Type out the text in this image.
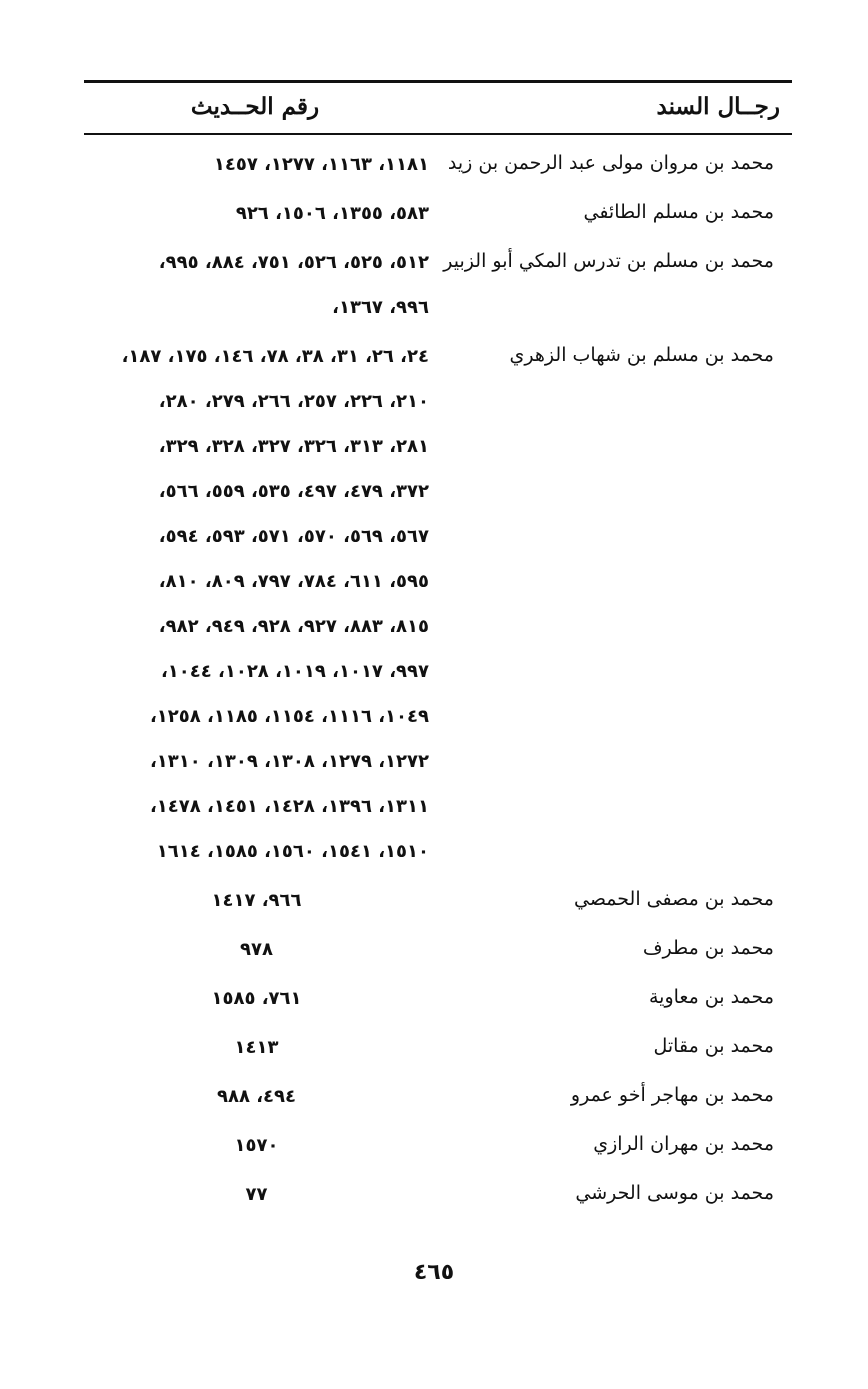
رجــال السند
رقم الحــديث
محمد بن مروان مولى عبد الرحمن بن زيد
١١٨١، ١١٦٣، ١٢٧٧، ١٤٥٧
محمد بن مسلم الطائفي
٥٨٣، ١٣٥٥، ١٥٠٦، ٩٢٦
محمد بن مسلم بن تدرس المكي أبو الزبير
٥١٢، ٥٢٥، ٥٢٦، ٧٥١، ٨٨٤، ٩٩٥،
٩٩٦، ١٣٦٧،
محمد بن مسلم بن شهاب الزهري
٢٤، ٢٦، ٣١، ٣٨، ٧٨، ١٤٦، ١٧٥، ١٨٧،
٢١٠، ٢٢٦، ٢٥٧، ٢٦٦، ٢٧٩، ٢٨٠،
٢٨١، ٣١٣، ٣٢٦، ٣٢٧، ٣٢٨، ٣٢٩،
٣٧٢، ٤٧٩، ٤٩٧، ٥٣٥، ٥٥٩، ٥٦٦،
٥٦٧، ٥٦٩، ٥٧٠، ٥٧١، ٥٩٣، ٥٩٤،
٥٩٥، ٦١١، ٧٨٤، ٧٩٧، ٨٠٩، ٨١٠،
٨١٥، ٨٨٣، ٩٢٧، ٩٢٨، ٩٤٩، ٩٨٢،
٩٩٧، ١٠١٧، ١٠١٩، ١٠٢٨، ١٠٤٤،
١٠٤٩، ١١١٦، ١١٥٤، ١١٨٥، ١٢٥٨،
١٢٧٢، ١٢٧٩، ١٣٠٨، ١٣٠٩، ١٣١٠،
١٣١١، ١٣٩٦، ١٤٢٨، ١٤٥١، ١٤٧٨،
١٥١٠، ١٥٤١، ١٥٦٠، ١٥٨٥، ١٦١٤
محمد بن مصفى الحمصي
٩٦٦، ١٤١٧
محمد بن مطرف
٩٧٨
محمد بن معاوية
٧٦١، ١٥٨٥
محمد بن مقاتل
١٤١٣
محمد بن مهاجر أخو عمرو
٤٩٤، ٩٨٨
محمد بن مهران الرازي
١٥٧٠
محمد بن موسى الحرشي
٧٧
٤٦٥
